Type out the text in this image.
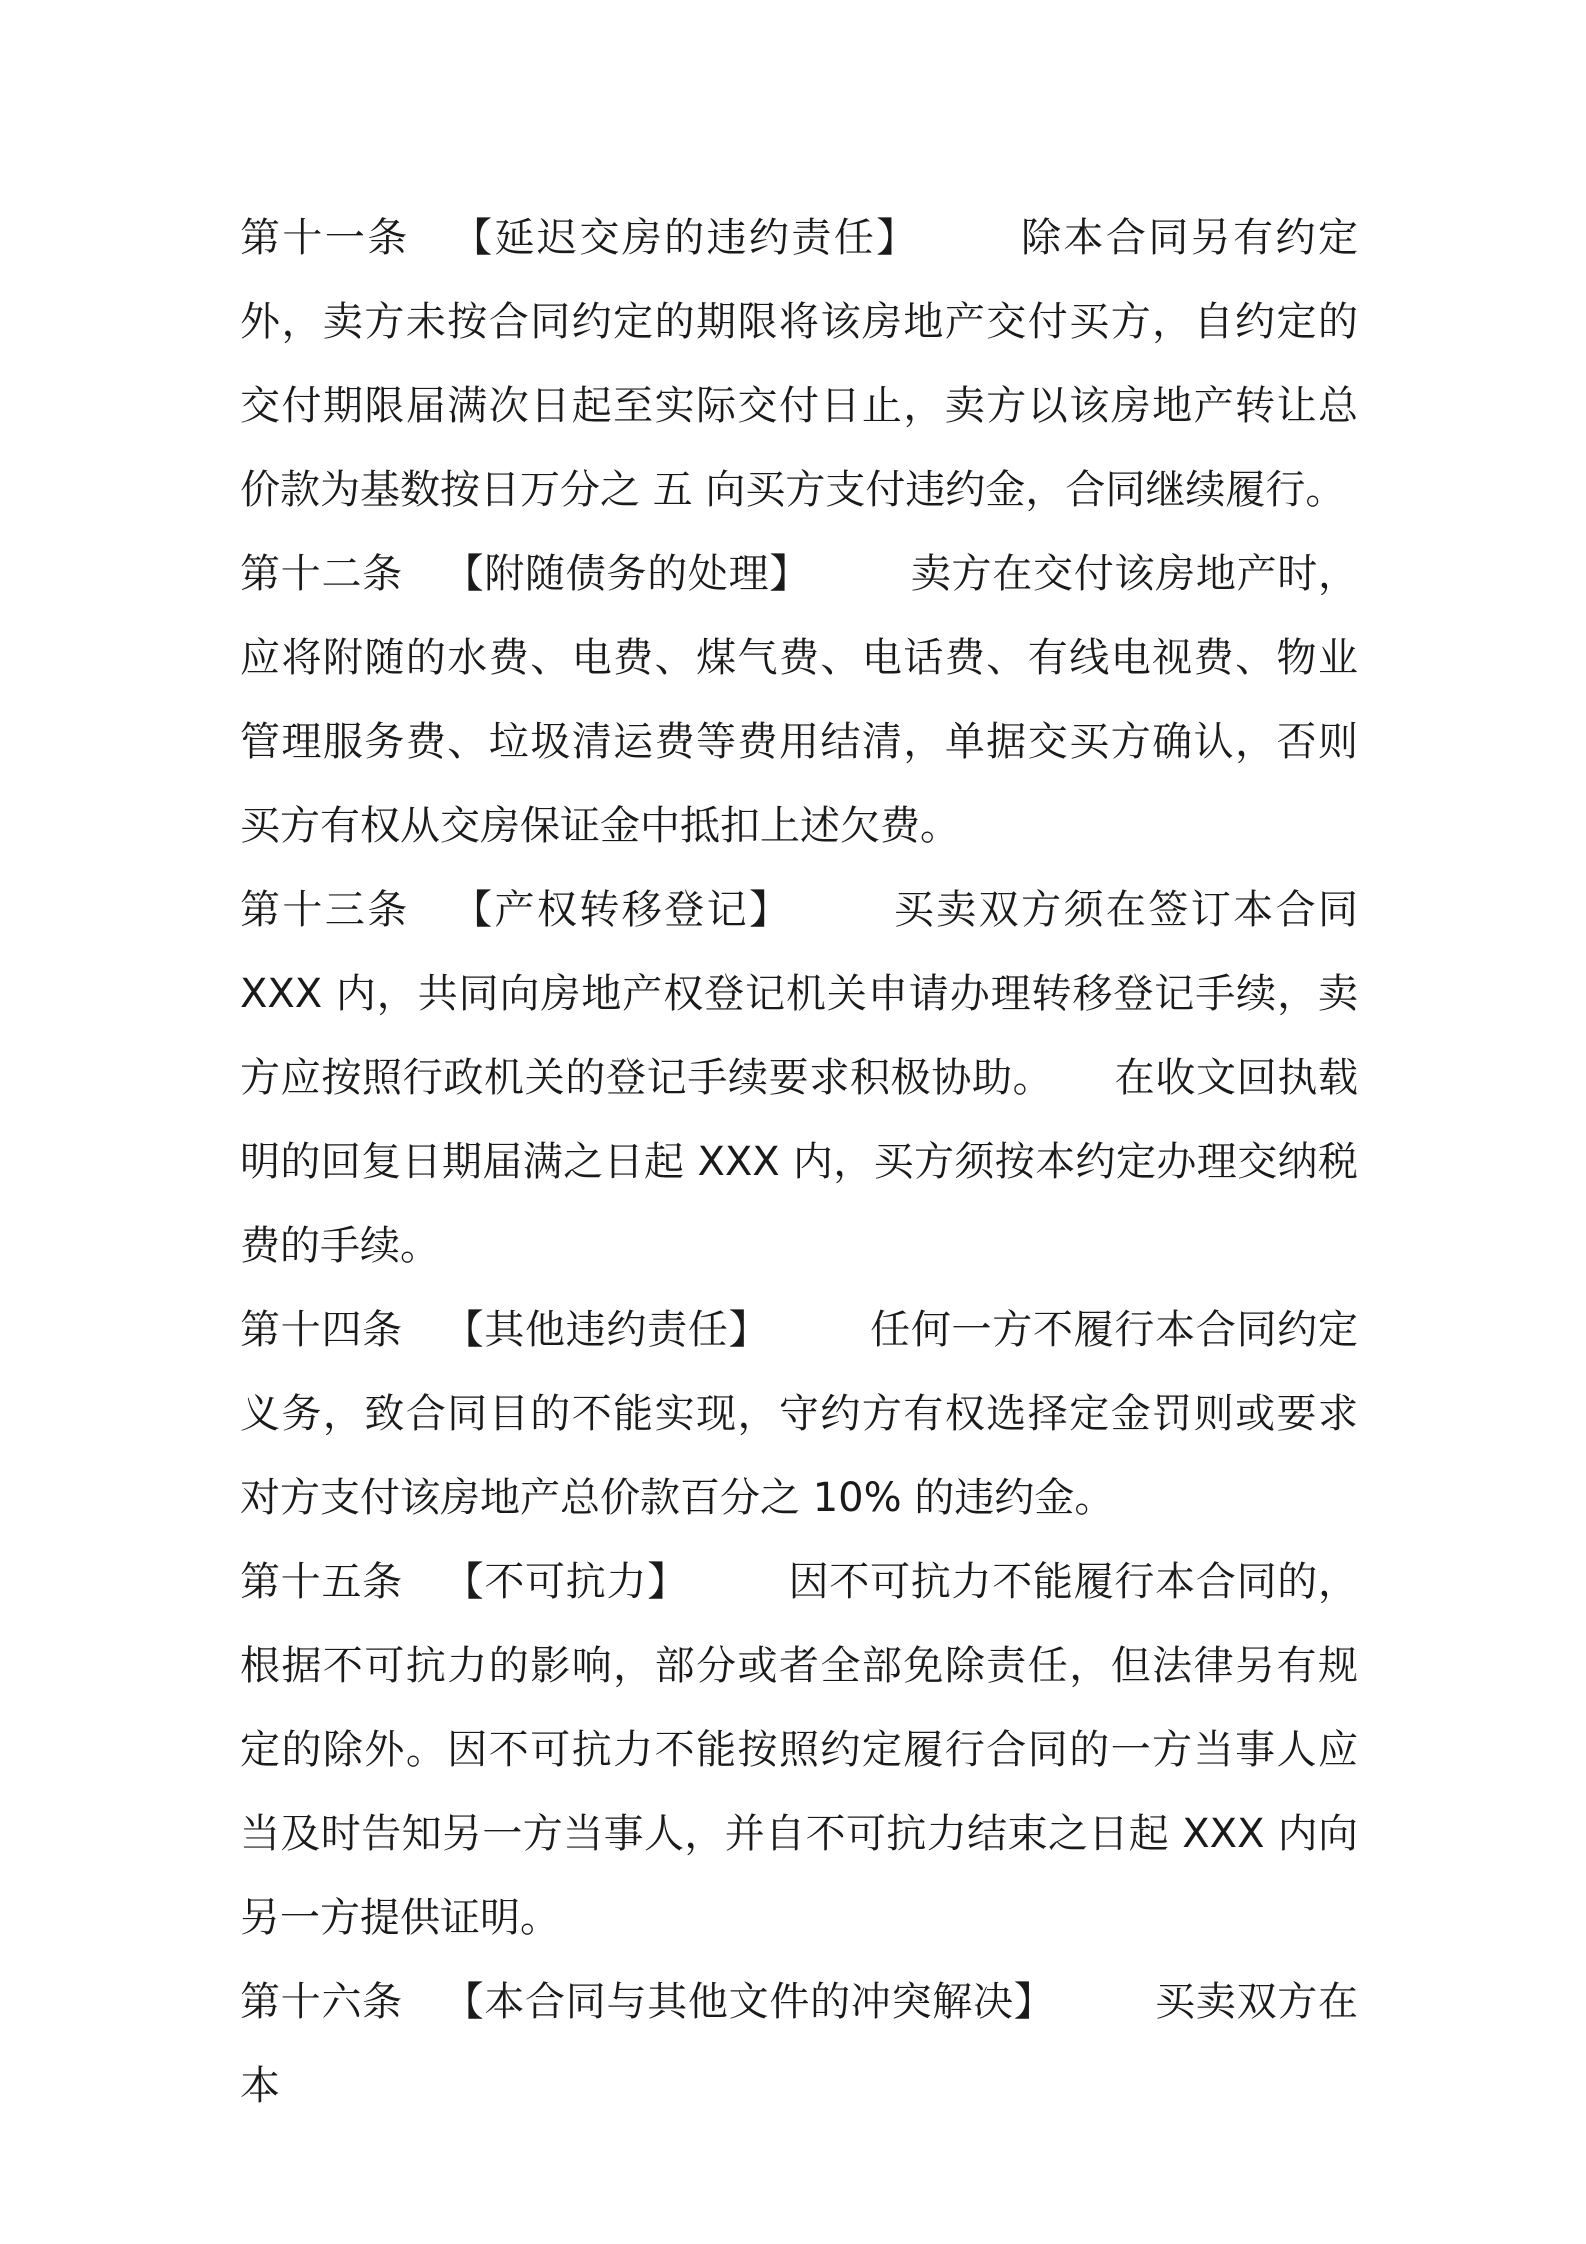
第十一条 【延迟交房的违约责任】	除本合同另有约定外，卖方未按合同约定的期限将该房地产交付买方，自约定的交付期限届满次日起至实际交付日止，卖方以该房地产转让总价款为基数按日万分之 五 向买方支付违约金，合同继续履行。

第十二条 【附随债务的处理】	卖方在交付该房地产时，应将附随的水费、电费、煤气费、电话费、有线电视费、物业管理服务费、垃圾清运费等费用结清，单据交买方确认，否则买方有权从交房保证金中抵扣上述欠费。

第十三条 【产权转移登记】	买卖双方须在签订本合同 XXX 内，共同向房地产权登记机关申请办理转移登记手续，卖方应按照行政机关的登记手续要求积极协助。　　在收文回执载明的回复日期届满之日起 XXX 内，买方须按本约定办理交纳税费的手续。

第十四条 【其他违约责任】	任何一方不履行本合同约定义务，致合同目的不能实现，守约方有权选择定金罚则或要求对方支付该房地产总价款百分之 10% 的违约金。

第十五条 【不可抗力】	因不可抗力不能履行本合同的，根据不可抗力的影响，部分或者全部免除责任，但法律另有规定的除外。因不可抗力不能按照约定履行合同的一方当事人应当及时告知另一方当事人，并自不可抗力结束之日起 XXX 内向另一方提供证明。

第十六条 【本合同与其他文件的冲突解决】	买卖双方在本
